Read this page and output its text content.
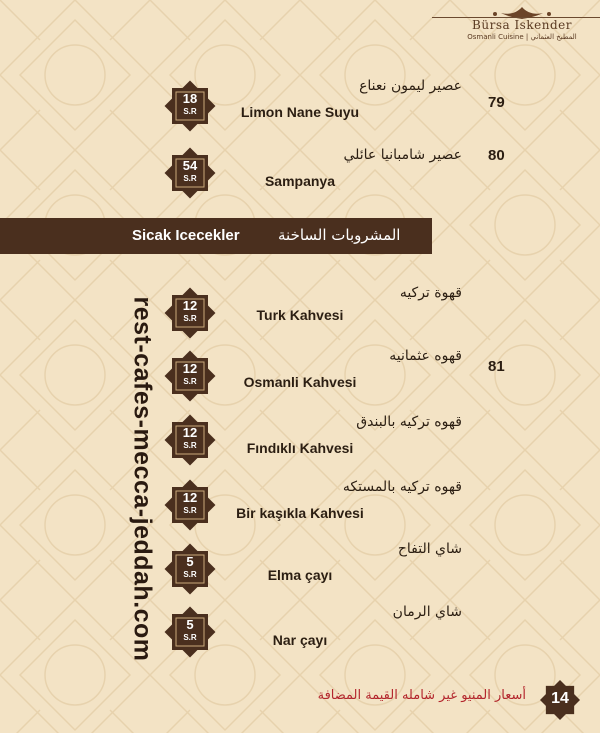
Bürsa Iskender
Osmanli Cuisine | المطبخ العثماني
18
S.R
عصير ليمون نعناع
Limon Nane Suyu
79
54
S.R
عصير شامبانيا عائلي
Sampanya
80
Sicak Icecekler	المشروبات الساخنة
12
S.R
قهوة تركيه
Turk Kahvesi
12
S.R
قهوه عثمانيه
Osmanli Kahvesi
81
12
S.R
قهوه تركيه بالبندق
Fındıklı Kahvesi
12
S.R
قهوه تركيه بالمستكه
Bir kaşıkla Kahvesi
5
S.R
شاي التفاح
Elma çayı
5
S.R
شاي الرمان
Nar çayı
rest-cafes-mecca-jeddah.com
أسعار المنيو غير شامله القيمة المضافة	14
